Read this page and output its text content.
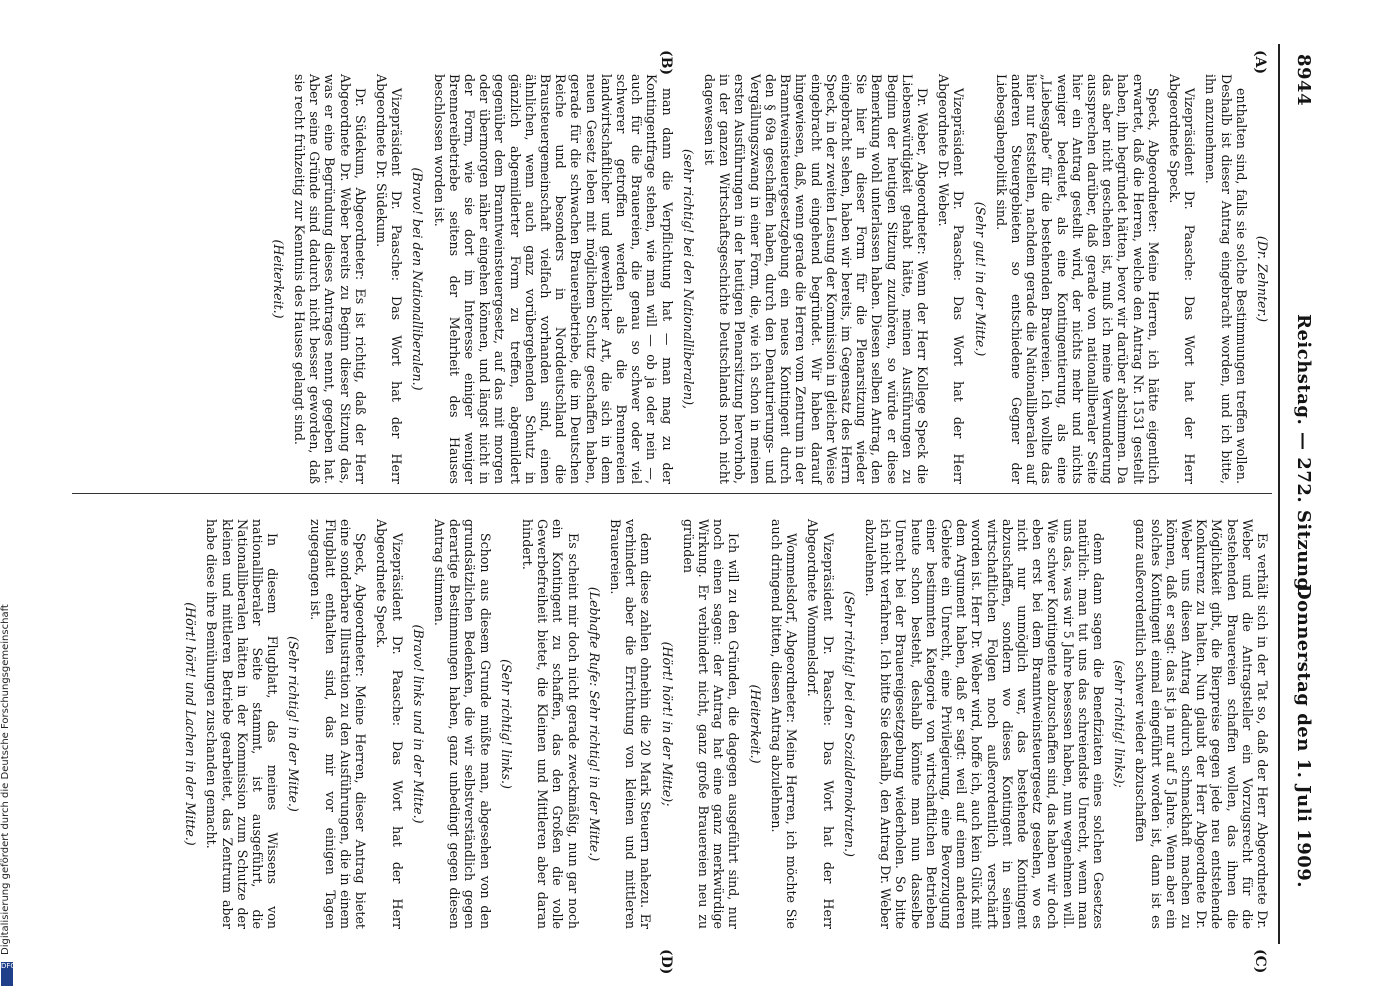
8944
Reichstag. — 272. Sitzung.
Donnerstag den 1. Juli 1909.
(A)
(B)
(C)
(D)

(Dr. Zehnter.)

enthalten sind, falls sie solche Bestimmungen treffen wollen. Deshalb ist dieser Antrag eingebracht worden, und ich bitte, ihn anzunehmen.

Vizepräsident Dr. Paasche: Das Wort hat der Herr Abgeordnete Speck.

Speck, Abgeordneter: Meine Herren, ich hätte eigentlich erwartet, daß die Herren, welche den Antrag Nr. 1531 gestellt haben, ihn begründet hätten, bevor wir darüber abstimmen. Da das aber nicht geschehen ist, muß ich meine Verwunderung aussprechen darüber, daß gerade von nationalliberaler Seite hier ein Antrag gestellt wird, der nichts mehr und nichts weniger bedeutet, als eine Kontingentierung, als eine „Liebesgabe“ für die bestehenden Brauereien. Ich wollte das hier nur feststellen, nachdem gerade die Nationalliberalen auf anderen Steuergebieten so entschiedene Gegner der Liebesgabenpolitik sind.

(Sehr gut! in der Mitte.)

Vizepräsident Dr. Paasche: Das Wort hat der Herr Abgeordnete Dr. Weber.

Dr. Weber, Abgeordneter: Wenn der Herr Kollege Speck die Liebenswürdigkeit gehabt hätte, meinen Ausführungen zu Beginn der heutigen Sitzung zuzuhören, so würde er diese Bemerkung wohl unterlassen haben. Diesen selben Antrag, den Sie hier in dieser Form für die Plenarsitzung wieder eingebracht sehen, haben wir bereits, im Gegensatz des Herrn Speck, in der zweiten Lesung der Kommission in gleicher Weise eingebracht und eingehend begründet. Wir haben darauf hingewiesen, daß, wenn gerade die Herren vom Zentrum in der Branntweinsteuergesetzgebung ein neues Kontingent durch den § 69a geschaffen haben, durch den Denaturierungs- und Vergällungszwang in einer Form, die, wie ich schon in meinen ersten Ausführungen in der heutigen Plenarsitzung hervorhob, in der ganzen Wirtschaftsgeschichte Deutschlands noch nicht dagewesen ist

(sehr richtig! bei den Nationalliberalen),

man dann die Verpflichtung hat — man mag zu der Kontingentfrage stehen, wie man will — ob ja oder nein —, auch für die Brauereien, die genau so schwer oder viel schwerer getroffen werden als die Brennereien landwirtschaftlicher und gewerblicher Art, die sich in dem neuen Gesetz leben mit möglichem Schutz geschaffen haben, gerade für die schwachen Brauereibetriebe, die im Deutschen Reiche und besonders in Norddeutschland die Brausteuergemeinschaft vielfach vorhanden sind, einen ähnlichen, wenn auch ganz vorübergehenden Schutz in gänzlich abgemilderter Form zu treffen, abgemildert gegenüber dem Branntweinsteuergesetz, auf das mit morgen oder übermorgen näher eingehen können, und längst nicht in der Form, wie sie dort im Interesse einiger weniger Brennereibetriebe seitens der Mehrheit des Hauses beschlossen worden ist.

(Bravo! bei den Nationalliberalen.)

Vizepräsident Dr. Paasche: Das Wort hat der Herr Abgeordnete Dr. Südekum.

Dr. Südekum, Abgeordneter: Es ist richtig, daß der Herr Abgeordnete Dr. Weber bereits zu Beginn dieser Sitzung das, was er eine Begründung dieses Antrages nennt, gegeben hat. Aber seine Gründe sind dadurch nicht besser geworden, daß sie recht frühzeitig zur Kenntnis des Hauses gelangt sind.

(Heiterkeit.)

Es verhält sich in der Tat so, daß der Herr Abgeordnete Dr. Weber und die Antragsteller ein Vorzugsrecht für die bestehenden Brauereien schaffen wollen, das ihnen die Möglichkeit gibt, die Bierpreise gegen jede neu entstehende Konkurrenz zu halten. Nun glaubt der Herr Abgeordnete Dr. Weber uns diesen Antrag dadurch schmackhaft machen zu können, daß er sagt: das ist ja nur auf 5 Jahre. Wenn aber ein solches Kontingent einmal eingeführt worden ist, dann ist es ganz außerordentlich schwer wieder abzuschaffen

(sehr richtig! links);

denn dann sagen die Benefiziaten eines solchen Gesetzes natürlich: man tut uns das schreiendste Unrecht, wenn man uns das, was wir 5 Jahre besessen haben, nun wegnehmen will. Wie schwer Kontingente abzuschaffen sind, das haben wir doch eben erst bei dem Branntweinsteuergesetz gesehen, wo es nicht nur unmöglich war, das bestehende Kontingent abzuschaffen, sondern wo dieses Kontingent in seinen wirtschaftlichen Folgen noch außerordentlich verschärft worden ist. Herr Dr. Weber wird, hoffe ich, auch kein Glück mit dem Argument haben, daß er sagt: weil auf einem anderen Gebiete ein Unrecht, eine Privilegierung, eine Bevorzugung einer bestimmten Kategorie von wirtschaftlichen Betrieben heute schon besteht, deshalb könnte man nun dasselbe Unrecht bei der Brauereigesetzgebung wiederholen. So bitte ich nicht verfahren. Ich bitte Sie deshalb, den Antrag Dr. Weber abzulehnen.

(Sehr richtig! bei den Sozialdemokraten.)

Vizepräsident Dr. Paasche: Das Wort hat der Herr Abgeordnete Wommelsdorf.

Wommelsdorf, Abgeordneter: Meine Herren, ich möchte Sie auch dringend bitten, diesen Antrag abzulehnen.

(Heiterkeit.)

Ich will zu den Gründen, die dagegen ausgeführt sind, nur noch einen sagen: der Antrag hat eine ganz merkwürdige Wirkung. Er verbindert nicht, ganz große Brauereien neu zu gründen

(Hört! hört! in der Mitte);

denn diese zahlen ohnehin die 20 Mark Steuern nahezu. Er verhindert aber die Errichtung von kleinen und mittleren Brauereien.

(Lebhafte Rufe: Sehr richtig! in der Mitte.)

Es scheint mir doch nicht gerade zweckmäßig, nun gar noch ein Kontingent zu schaffen, das den Großen die volle Gewerbefreiheit bietet, die Kleinen und Mittleren aber daran hindert.

(Sehr richtig! links.)

Schon aus diesem Grunde müßte man, abgesehen von den grundsätzlichen Bedenken, die wir selbstverständlich gegen derartige Bestimmungen haben, ganz unbedingt gegen diesen Antrag stimmen.

(Bravo! links und in der Mitte.)

Vizepräsident Dr. Paasche: Das Wort hat der Herr Abgeordnete Speck.

Speck, Abgeordneter: Meine Herren, dieser Antrag bietet eine sonderbare Illustration zu den Ausführungen, die in einem Flugblatt enthalten sind, das mir vor einigen Tagen zugegangen ist.

(Sehr richtig! in der Mitte.)

In diesem Flugblatt, das meines Wissens von nationalliberaler Seite stammt, ist ausgeführt, die Nationalliberalen hätten in der Kommission zum Schutze der kleinen und mittleren Betriebe gearbeitet, das Zentrum aber habe diese ihre Bemühungen zuschanden gemacht.

(Hört! hört! und Lachen in der Mitte.)

Digitalisierung gefördert durch die Deutsche Forschungsgemeinschaft
DFG
